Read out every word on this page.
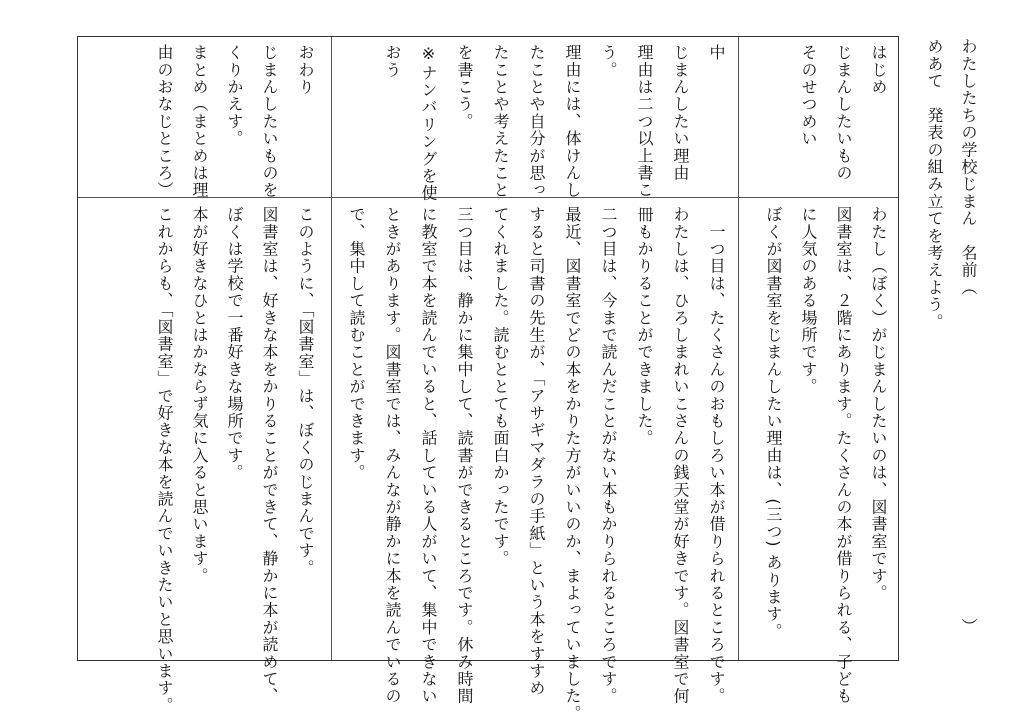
わたしたちの学校じまん　名前（
）
めあて　発表の組み立てを考えよう。
はじめ
じまんしたいもの
そのせつめい
中
じまんしたい理由
理由は二つ以上書こ
う。
理由には、体けんし
たことや自分が思っ
たことや考えたこと
を書こう。
※ナンバリングを使
おう
おわり
じまんしたいものを
くりかえす。
まとめ（まとめは理
由のおなじところ）
わたし（ぼく）がじまんしたいのは、図書室です。
図書室は、２階にあります。たくさんの本が借りられる、子ども
に人気のある場所です。
ぼくが図書室をじまんしたい理由は、(三つ) あります。
　一つ目は、たくさんのおもしろい本が借りられるところです。
わたしは、ひろしまれいこさんの銭天堂が好きです。図書室で何
冊もかりることができました。
二つ目は、今まで読んだことがない本もかりられるところです。
最近、図書室でどの本をかりた方がいいのか、まよっていました。
すると司書の先生が、「アサギマダラの手紙」という本をすすめ
てくれました。読むととても面白かったです。
三つ目は、静かに集中して、読書ができるところです。休み時間
に教室で本を読んでいると、話している人がいて、集中できない
ときがあります。図書室では、みんなが静かに本を読んでいるの
で、集中して読むことができます。
このように、「図書室」は、ぼくのじまんです。
図書室は、好きな本をかりることができて、静かに本が読めて、
ぼくは学校で一番好きな場所です。
本が好きなひとはかならず気に入ると思います。
これからも、「図書室」で好きな本を読んでいきたいと思います。
